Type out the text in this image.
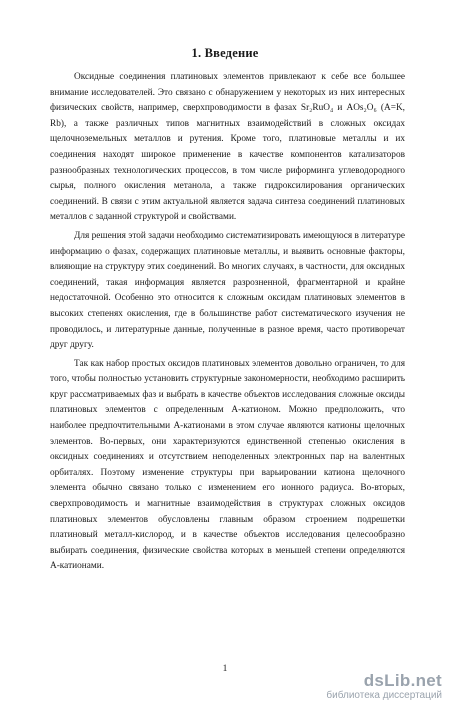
1. Введение

Оксидные соединения платиновых элементов привлекают к себе все большее внимание исследователей. Это связано с обнаружением у некоторых из них интересных физических свойств, например, сверхпроводимости в фазах Sr₂RuO₄ и AOs₂O₆ (A=K, Rb), а также различных типов магнитных взаимодействий в сложных оксидах щелочноземельных металлов и рутения. Кроме того, платиновые металлы и их соединения находят широкое применение в качестве компонентов катализаторов разнообразных технологических процессов, в том числе риформинга углеводородного сырья, полного окисления метанола, а также гидроксилирования органических соединений. В связи с этим актуальной является задача синтеза соединений платиновых металлов с заданной структурой и свойствами.

Для решения этой задачи необходимо систематизировать имеющуюся в литературе информацию о фазах, содержащих платиновые металлы, и выявить основные факторы, влияющие на структуру этих соединений. Во многих случаях, в частности, для оксидных соединений, такая информация является разрозненной, фрагментарной и крайне недостаточной. Особенно это относится к сложным оксидам платиновых элементов в высоких степенях окисления, где в большинстве работ систематического изучения не проводилось, и литературные данные, полученные в разное время, часто противоречат друг другу.

Так как набор простых оксидов платиновых элементов довольно ограничен, то для того, чтобы полностью установить структурные закономерности, необходимо расширить круг рассматриваемых фаз и выбрать в качестве объектов исследования сложные оксиды платиновых элементов с определенным A-катионом. Можно предположить, что наиболее предпочтительными A-катионами в этом случае являются катионы щелочных элементов. Во-первых, они характеризуются единственной степенью окисления в оксидных соединениях и отсутствием неподеленных электронных пар на валентных орбиталях. Поэтому изменение структуры при варьировании катиона щелочного элемента обычно связано только с изменением его ионного радиуса. Во-вторых, сверхпроводимость и магнитные взаимодействия в структурах сложных оксидов платиновых элементов обусловлены главным образом строением подрешетки платиновый металл-кислород, и в качестве объектов исследования целесообразно выбирать соединения, физические свойства которых в меньшей степени определяются A-катионами.

1
dsLib.net
библиотека диссертаций
